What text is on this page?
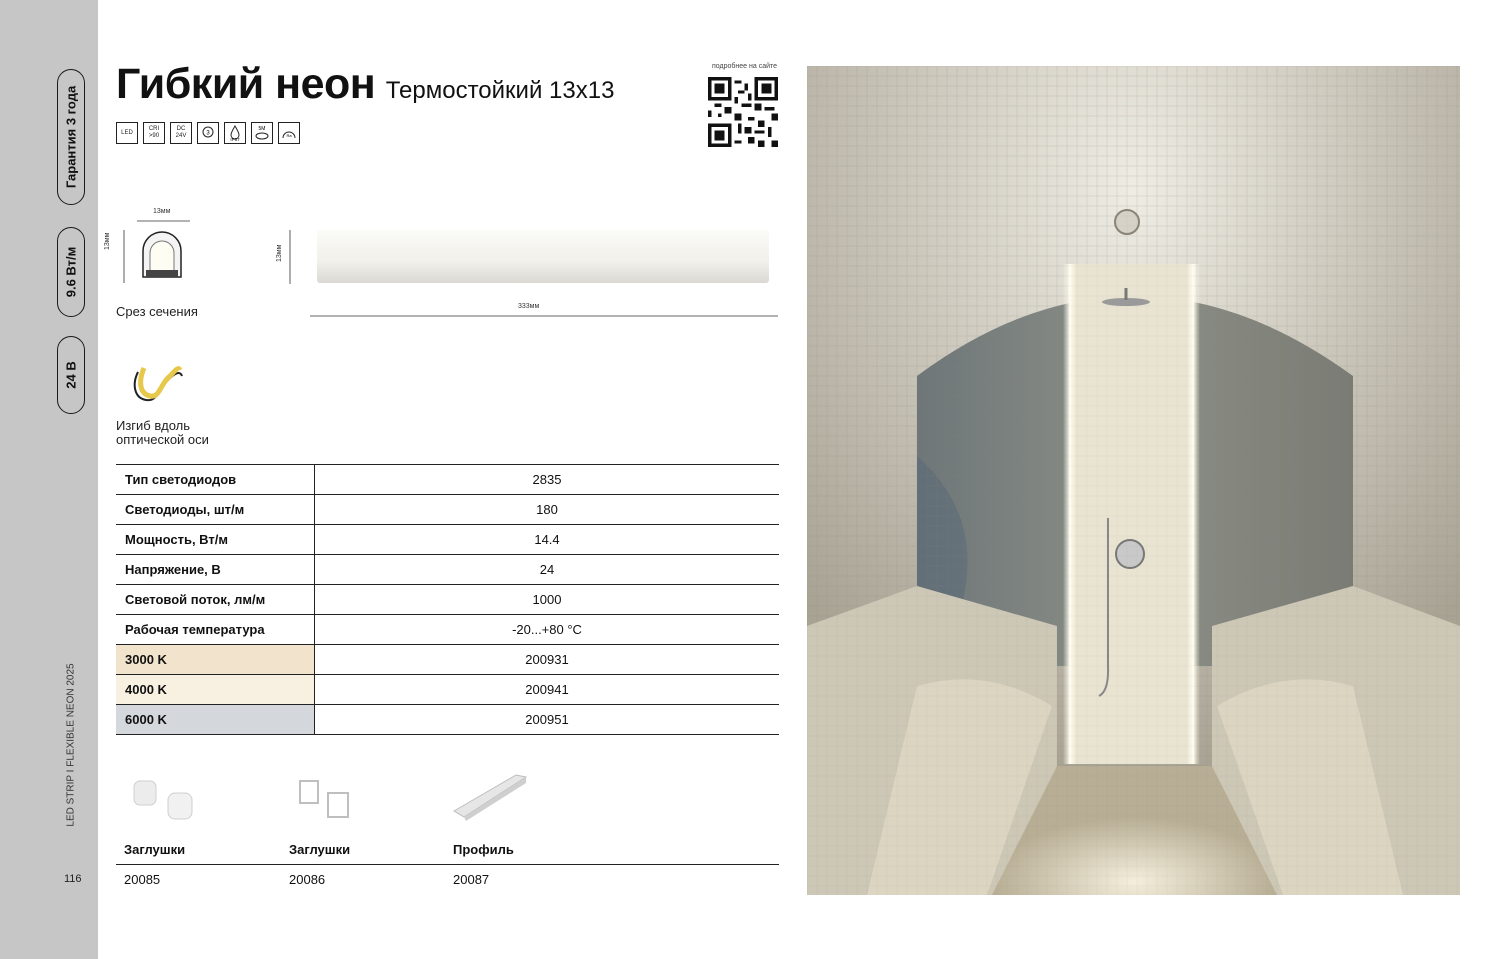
Гарантия 3 года
9.6 Вт/м
24 В
LED STRIP I FLEXIBLE NEON 2025
116
Гибкий неон Термостойкий 13x13
LED
CRI >90
DC 24V	3
IP67
5M
Ra
подробнее на сайте
13мм
13мм
Срез сечения
13мм
333мм
Изгиб вдоль оптической оси
Тип светодиодов	2835
Светодиоды, шт/м	180
Мощность, Вт/м	14.4
Напряжение, В	24
Световой поток, лм/м	1000
Рабочая температура	-20...+80 °C
3000 K	200931
4000 K	200941
6000 K	200951
Заглушки	Заглушки	Профиль
20085	20086	20087
